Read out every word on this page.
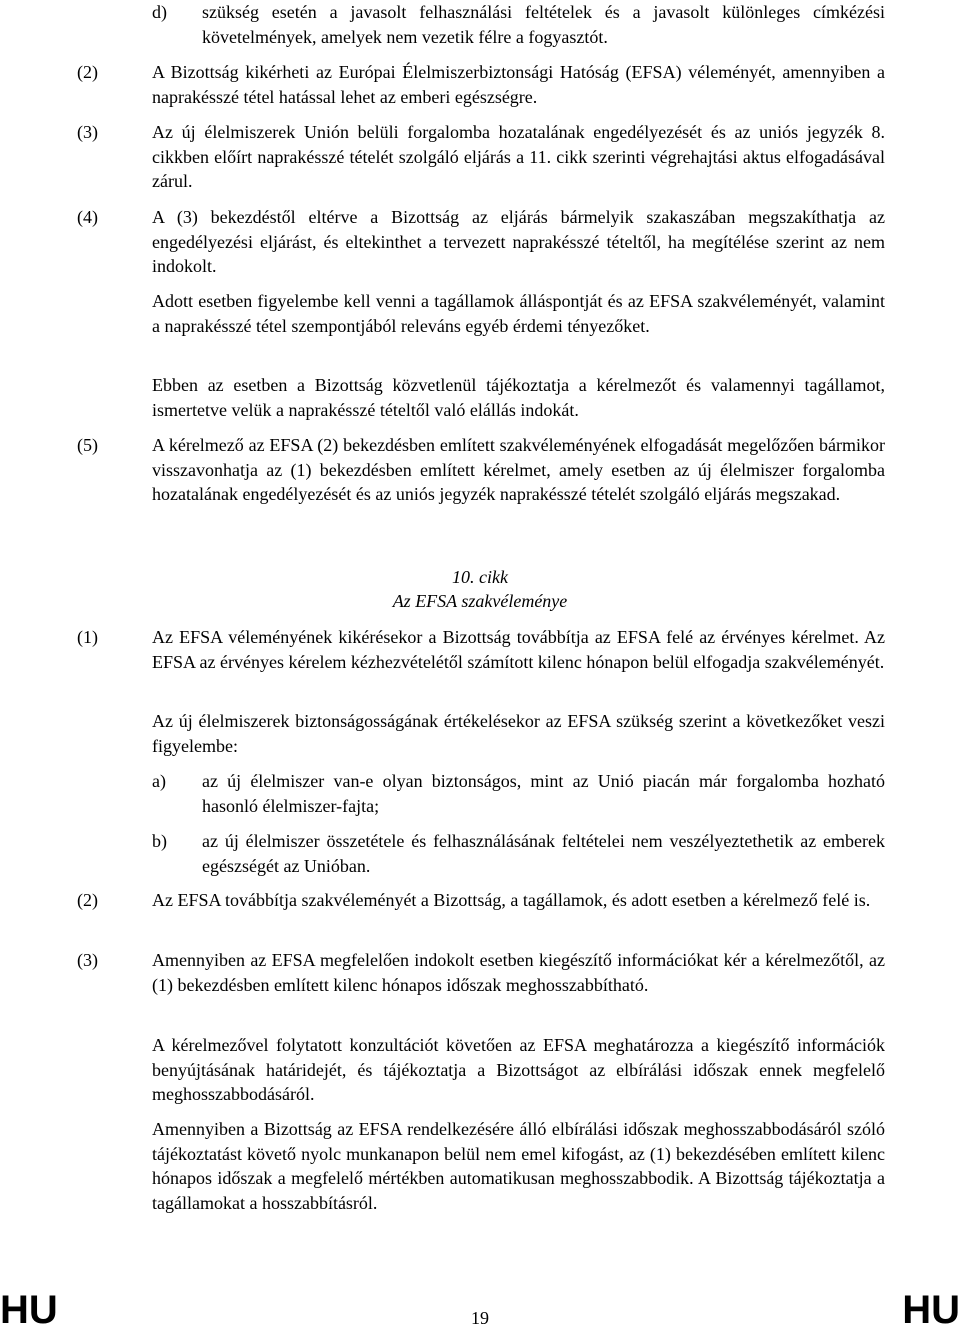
d)	szükség esetén a javasolt felhasználási feltételek és a javasolt különleges címkézési követelmények, amelyek nem vezetik félre a fogyasztót.
(2)	A Bizottság kikérheti az Európai Élelmiszerbiztonsági Hatóság (EFSA) véleményét, amennyiben a naprakésszé tétel hatással lehet az emberi egészségre.
(3)	Az új élelmiszerek Unión belüli forgalomba hozatalának engedélyezését és az uniós jegyzék 8. cikkben előírt naprakésszé tételét szolgáló eljárás a 11. cikk szerinti végrehajtási aktus elfogadásával zárul.
(4)	A (3) bekezdéstől eltérve a Bizottság az eljárás bármelyik szakaszában megszakíthatja az engedélyezési eljárást, és eltekinthet a tervezett naprakésszé tételtől, ha megítélése szerint az nem indokolt.
Adott esetben figyelembe kell venni a tagállamok álláspontját és az EFSA szakvéleményét, valamint a naprakésszé tétel szempontjából releváns egyéb érdemi tényezőket.
Ebben az esetben a Bizottság közvetlenül tájékoztatja a kérelmezőt és valamennyi tagállamot, ismertetve velük a naprakésszé tételtől való elállás indokát.
(5)	A kérelmező az EFSA (2) bekezdésben említett szakvéleményének elfogadását megelőzően bármikor visszavonhatja az (1) bekezdésben említett kérelmet, amely esetben az új élelmiszer forgalomba hozatalának engedélyezését és az uniós jegyzék naprakésszé tételét szolgáló eljárás megszakad.
10. cikk
Az EFSA szakvéleménye
(1)	Az EFSA véleményének kikérésekor a Bizottság továbbítja az EFSA felé az érvényes kérelmet. Az EFSA az érvényes kérelem kézhezvételétől számított kilenc hónapon belül elfogadja szakvéleményét.
Az új élelmiszerek biztonságosságának értékelésekor az EFSA szükség szerint a következőket veszi figyelembe:
a)	az új élelmiszer van-e olyan biztonságos, mint az Unió piacán már forgalomba hozható hasonló élelmiszer-fajta;
b)	az új élelmiszer összetétele és felhasználásának feltételei nem veszélyeztethetik az emberek egészségét az Unióban.
(2)	Az EFSA továbbítja szakvéleményét a Bizottság, a tagállamok, és adott esetben a kérelmező felé is.
(3)	Amennyiben az EFSA megfelelően indokolt esetben kiegészítő információkat kér a kérelmezőtől, az (1) bekezdésben említett kilenc hónapos időszak meghosszabbítható.
A kérelmezővel folytatott konzultációt követően az EFSA meghatározza a kiegészítő információk benyújtásának határidejét, és tájékoztatja a Bizottságot az elbírálási időszak ennek megfelelő meghosszabbodásáról.
Amennyiben a Bizottság az EFSA rendelkezésére álló elbírálási időszak meghosszabbodásáról szóló tájékoztatást követő nyolc munkanapon belül nem emel kifogást, az (1) bekezdésében említett kilenc hónapos időszak a megfelelő mértékben automatikusan meghosszabbodik. A Bizottság tájékoztatja a tagállamokat a hosszabbításról.
HU	19	HU
